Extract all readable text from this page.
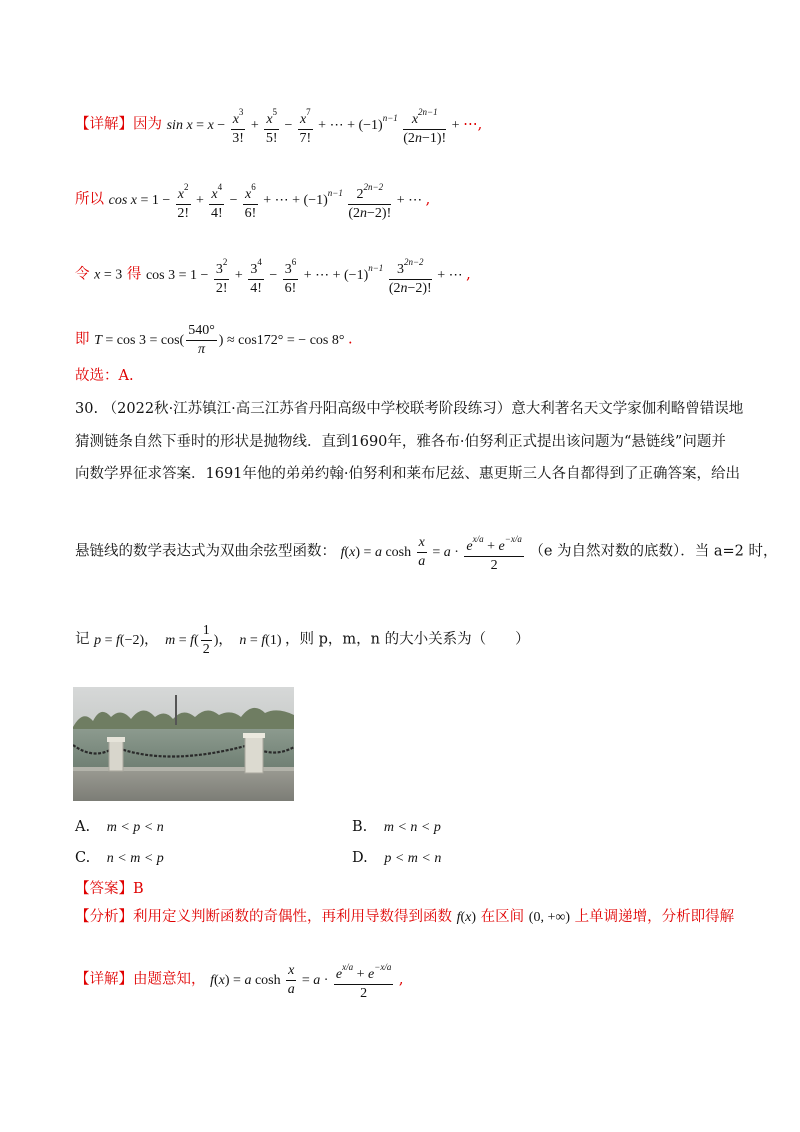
【详解】因为 $\sin x = x - \frac{x^3}{3!} + \frac{x^5}{5!} - \frac{x^7}{7!}$ + ⋯ + $(-1)^{n-1} \frac{x^{2n-1}}{(2n-1)!}$ + ⋯,
所以 $\cos x = 1 - \frac{x^2}{2!} + \frac{x^4}{4!} - \frac{x^6}{6!}$ + ⋯ + $(-1)^{n-1} \frac{2^{2n-2}}{(2n-2)!}$ + ⋯ ,
令 x = 3 得 $\cos 3 = 1 - \frac{3^2}{2!} + \frac{3^4}{4!} - \frac{3^6}{6!}$ + ⋯ + $(-1)^{n-1} \frac{3^{2n-2}}{(2n-2)!}$ + ⋯ ,
即 $T = \cos 3 = \cos( \frac{540^\circ}{\pi}$ ) ≈ cos172° = − cos 8° .
故选：A.
30. （2022秋·江苏镇江·高三江苏省丹阳高级中学校联考阶段练习）意大利著名天文学家伽利略曾错误地
猜测链条自然下垂时的形状是抛物线．直到1690年，雅各布·伯努利正式提出该问题为“悬链线”问题并
向数学界征求答案．1691年他的弟弟约翰·伯努利和莱布尼兹、惠更斯三人各自都得到了正确答案，给出
悬链线的数学表达式为双曲余弦型函数： f(x) = a $\cosh \frac{x}{a} = a \cdot \frac{e^{x/a} + e^{-x/a}}{2} (e$ 为自然对数的底数）．当 a=2 时，
记 p = f(−2)，　$m = f( \frac{1}{2}$ )，　n = f(1) ，则 p，m，n 的大小关系为（　　）
A. m < p < n	B. m < n < p
C. n < m < p	D. p < m < n
【答案】B
【分析】利用定义判断函数的奇偶性，再利用导数得到函数 f(x) 在区间 (0, +∞) 上单调递增，分析即得解
【详解】由题意知， f(x) = a $\cosh \frac{x}{a} = a \cdot \frac{e^{x/a} + e^{-x/a}}{2}$ ,
